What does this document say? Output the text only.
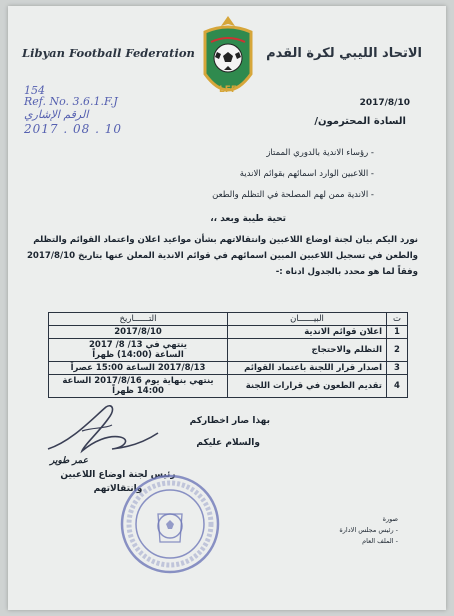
Libyan Football Federation
LFF
الاتحاد الليبي لكرة القدم
154
Ref. No. 3.6.1.F.J الرقم الإشاري
2017 . 08 . 10
2017/8/10
السادة المحترمون/
- رؤساء الاندية بالدوري الممتاز
- اللاعبين الوارد اسمائهم بقوائم الاندية
- الاندية ممن لهم المصلحة في التظلم والطعن
تحية طيبة وبعد ،،
نورد اليكم بيان لجنة اوضاع اللاعبين وانتقالاتهم بشأن مواعيد اعلان واعتماد القوائم والتظلم والطعن في تسجيل اللاعبين المبين اسمائهم في قوائم الاندية المعلن عنها بتاريخ 2017/8/10 وفقاً لما هو محدد بالجدول ادناه :-
ت	البيــــــان	التــــــاريخ
1	اعلان قوائم الاندية	2017/8/10
2	التظلم والاحتجاج	ينتهي في 13/ 8/ 2017
الساعة (14:00) ظهراً

3	اصدار قرار اللجنة باعتماد القوائم	2017/8/13 الساعة 15:00 عصراً
4	تقديم الطعون في قرارات اللجنة	ينتهي بنهاية يوم 2017/8/16 الساعة 14:00 ظهراً
بهذا صار اخطاركم
والسلام عليكم
عمر طوير
رئيس لجنة اوضاع اللاعبين
وانتقالاتهم
صورة
- رئيس مجلس الادارة
- الملف العام
